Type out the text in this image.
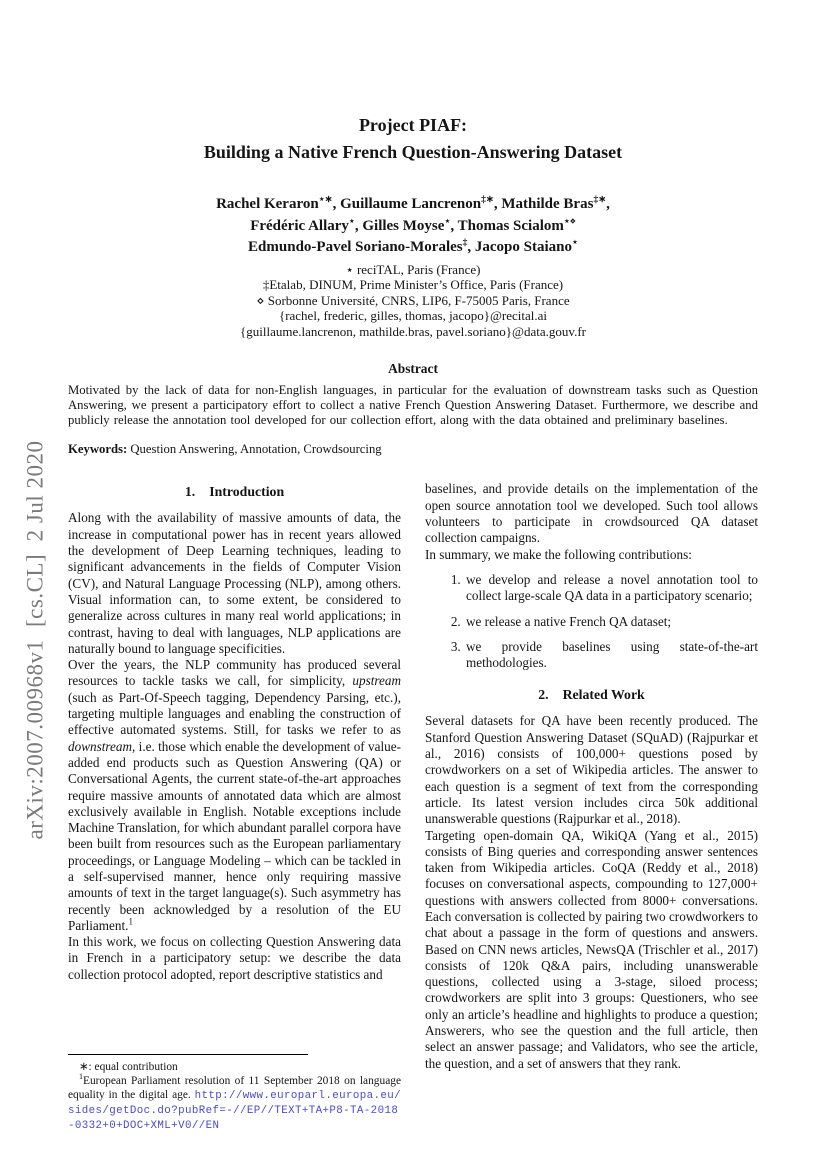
arXiv:2007.00968v1  [cs.CL]  2 Jul 2020
Project PIAF:
Building a Native French Question-Answering Dataset
Rachel Keraron⋆∗, Guillaume Lancrenon‡∗, Mathilde Bras‡∗,
Frédéric Allary⋆, Gilles Moyse⋆, Thomas Scialom⋆⋄
Edmundo-Pavel Soriano-Morales‡, Jacopo Staiano⋆
⋆ reciTAL, Paris (France)
‡Etalab, DINUM, Prime Minister’s Office, Paris (France)
⋄ Sorbonne Université, CNRS, LIP6, F-75005 Paris, France
{rachel, frederic, gilles, thomas, jacopo}@recital.ai
{guillaume.lancrenon, mathilde.bras, pavel.soriano}@data.gouv.fr
Abstract
Motivated by the lack of data for non-English languages, in particular for the evaluation of downstream tasks such as Question Answering, we present a participatory effort to collect a native French Question Answering Dataset. Furthermore, we describe and publicly release the annotation tool developed for our collection effort, along with the data obtained and preliminary baselines.
Keywords: Question Answering, Annotation, Crowdsourcing
1. Introduction

Along with the availability of massive amounts of data, the increase in computational power has in recent years allowed the development of Deep Learning techniques, leading to significant advancements in the fields of Computer Vision (CV), and Natural Language Processing (NLP), among others. Visual information can, to some extent, be considered to generalize across cultures in many real world applications; in contrast, having to deal with languages, NLP applications are naturally bound to language specificities.

Over the years, the NLP community has produced several resources to tackle tasks we call, for simplicity, upstream (such as Part-Of-Speech tagging, Dependency Parsing, etc.), targeting multiple languages and enabling the construction of effective automated systems. Still, for tasks we refer to as downstream, i.e. those which enable the development of value-added end products such as Question Answering (QA) or Conversational Agents, the current state-of-the-art approaches require massive amounts of annotated data which are almost exclusively available in English. Notable exceptions include Machine Translation, for which abundant parallel corpora have been built from resources such as the European parliamentary proceedings, or Language Modeling – which can be tackled in a self-supervised manner, hence only requiring massive amounts of text in the target language(s). Such asymmetry has recently been acknowledged by a resolution of the EU Parliament.$^1$

In this work, we focus on collecting Question Answering data in French in a participatory setup: we describe the data collection protocol adopted, report descriptive statistics and

∗: equal contribution
$^1$European Parliament resolution of 11 September 2018 on language equality in the digital age. http://www.europarl.europa.eu/sides/getDoc.do?pubRef=-//EP//TEXT+TA+P8-TA-2018-0332+0+DOC+XML+V0//EN

baselines, and provide details on the implementation of the open source annotation tool we developed. Such tool allows volunteers to participate in crowdsourced QA dataset collection campaigns.

In summary, we make the following contributions:

1. we develop and release a novel annotation tool to collect large-scale QA data in a participatory scenario;
2. we release a native French QA dataset;
3. we provide baselines using state-of-the-art methodologies.
2. Related Work

Several datasets for QA have been recently produced. The Stanford Question Answering Dataset (SQuAD) (Rajpurkar et al., 2016) consists of 100,000+ questions posed by crowdworkers on a set of Wikipedia articles. The answer to each question is a segment of text from the corresponding article. Its latest version includes circa 50k additional unanswerable questions (Rajpurkar et al., 2018).

Targeting open-domain QA, WikiQA (Yang et al., 2015) consists of Bing queries and corresponding answer sentences taken from Wikipedia articles. CoQA (Reddy et al., 2018) focuses on conversational aspects, compounding to 127,000+ questions with answers collected from 8000+ conversations. Each conversation is collected by pairing two crowdworkers to chat about a passage in the form of questions and answers. Based on CNN news articles, NewsQA (Trischler et al., 2017) consists of 120k Q&A pairs, including unanswerable questions, collected using a 3-stage, siloed process; crowdworkers are split into 3 groups: Questioners, who see only an article’s headline and highlights to produce a question; Answerers, who see the question and the full article, then select an answer passage; and Validators, who see the article, the question, and a set of answers that they rank.
